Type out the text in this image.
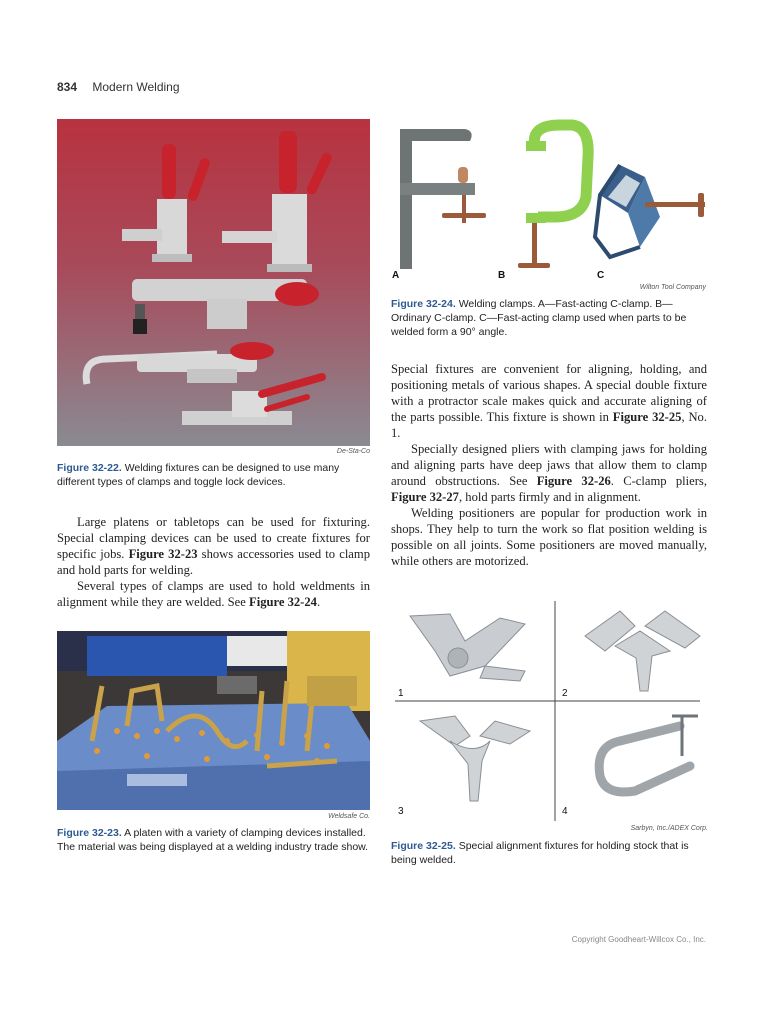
834 Modern Welding
De-Sta-Co
Figure 32-22. Welding fixtures can be designed to use many different types of clamps and toggle lock devices.
A	B	C
Wilton Tool Company
Figure 32-24. Welding clamps. A—Fast-acting C-clamp. B—Ordinary C-clamp. C—Fast-acting clamp used when parts to be welded form a 90° angle.

Special fixtures are convenient for aligning, holding, and positioning metals of various shapes. A special double fixture with a protractor scale makes quick and accurate aligning of the parts possible. This fixture is shown in Figure 32-25, No. 1.

Specially designed pliers with clamping jaws for holding and aligning parts have deep jaws that allow them to clamp around obstructions. See Figure 32-26. C-clamp pliers, Figure 32-27, hold parts firmly and in alignment.

Welding positioners are popular for production work in shops. They help to turn the work so flat position welding is possible on all joints. Some positioners are moved manually, while others are motorized.

Large platens or tabletops can be used for fixturing. Special clamping devices can be used to create fixtures for specific jobs. Figure 32-23 shows accessories used to clamp and hold parts for welding.

Several types of clamps are used to hold weldments in alignment while they are welded. See Figure 32-24.

Weldsafe Co.
Figure 32-23. A platen with a variety of clamping devices installed. The material was being displayed at a welding industry trade show.
1	2
3	4
Sarbyn, Inc./ADEX Corp.
Figure 32-25. Special alignment fixtures for holding stock that is being welded.
Copyright Goodheart-Willcox Co., Inc.
